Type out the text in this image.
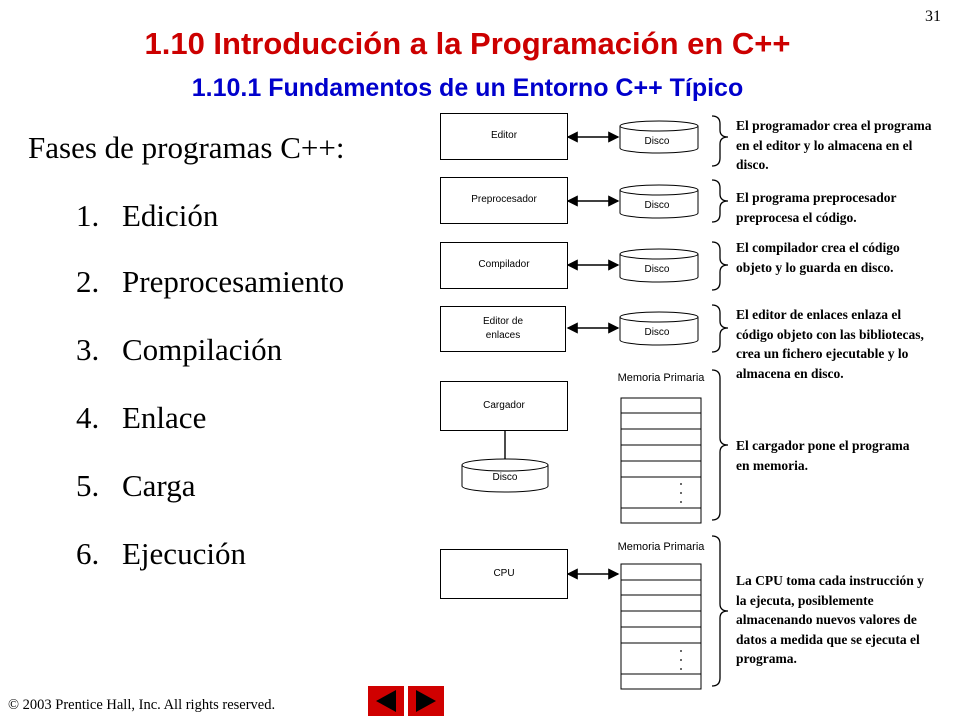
31
1.10 Introducción a la Programación en C++
1.10.1 Fundamentos de un Entorno C++ Típico
Fases de programas C++:
1. Edición
2. Preprocesamiento
3. Compilación
4. Enlace
5. Carga
6. Ejecución
Disco
Disco
Disco
Disco
Disco
Editor
Preprocesador
Compilador
Editor de enlaces
Cargador
CPU
Memoria Primaria
Memoria Primaria
El programador crea el programa en el editor y lo almacena en el disco.
El programa preprocesador preprocesa el código.
El compilador crea el código objeto y lo guarda en disco.
El editor de enlaces enlaza el código objeto con las bibliotecas, crea un fichero ejecutable y lo almacena en disco.
El cargador pone el programa en memoria.
La CPU toma cada instrucción y la ejecuta, posiblemente almacenando nuevos valores de datos a medida que se ejecuta el programa.
© 2003 Prentice Hall, Inc. All rights reserved.
